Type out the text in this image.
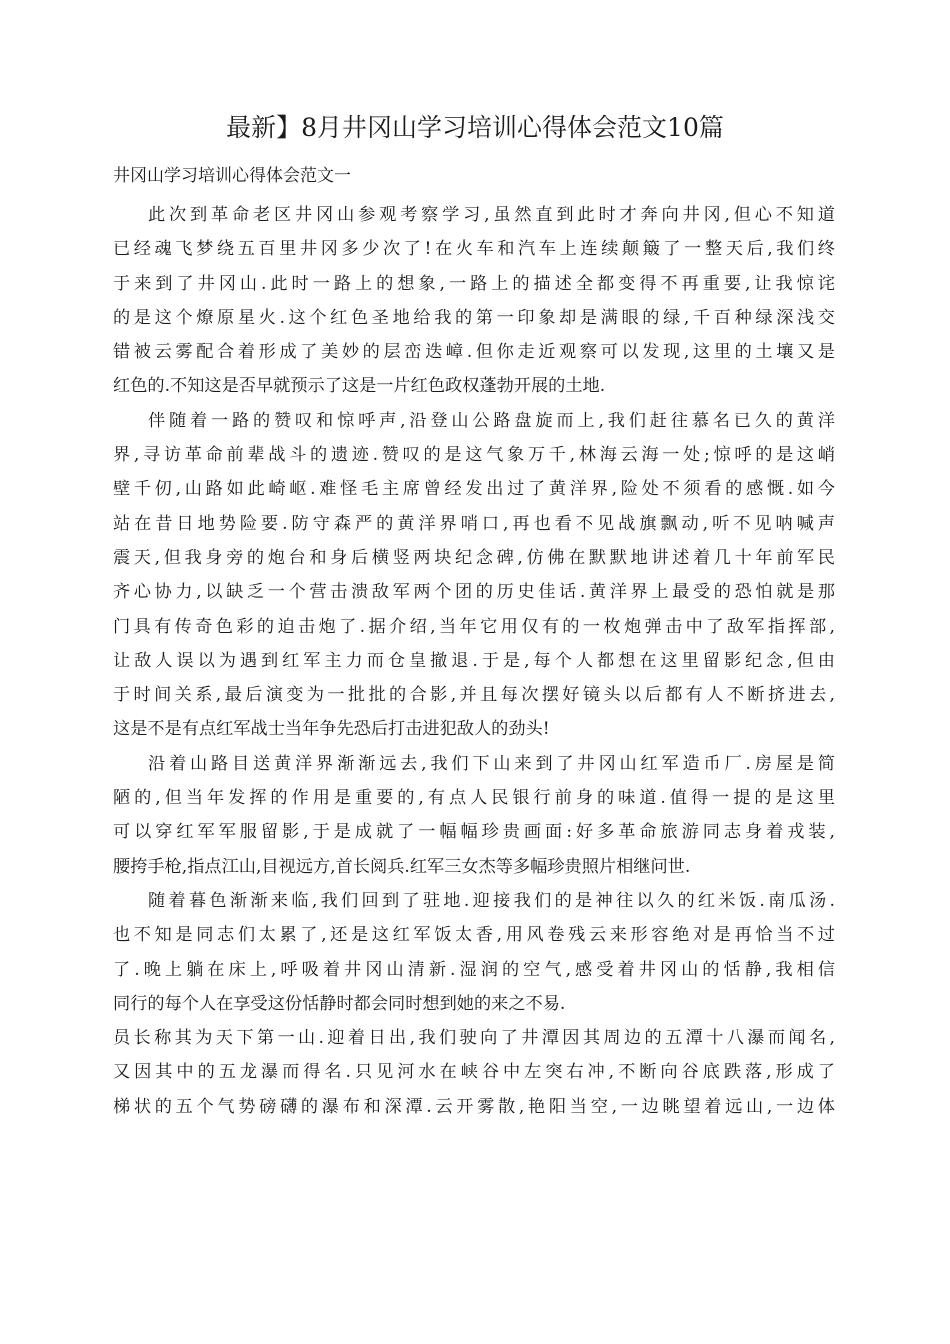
最新】8月井冈山学习培训心得体会范文10篇
井冈山学习培训心得体会范文一
此次到革命老区井冈山参观考察学习,虽然直到此时才奔向井冈,但心不知道
已经魂飞梦绕五百里井冈多少次了!在火车和汽车上连续颠簸了一整天后,我们终
于来到了井冈山.此时一路上的想象,一路上的描述全都变得不再重要,让我惊诧
的是这个燎原星火.这个红色圣地给我的第一印象却是满眼的绿,千百种绿深浅交
错被云雾配合着形成了美妙的层峦迭嶂.但你走近观察可以发现,这里的土壤又是
红色的.不知这是否早就预示了这是一片红色政权蓬勃开展的土地.
伴随着一路的赞叹和惊呼声,沿登山公路盘旋而上,我们赶往慕名已久的黄洋
界,寻访革命前辈战斗的遗迹.赞叹的是这气象万千,林海云海一处;惊呼的是这峭
壁千仞,山路如此崎岖.难怪毛主席曾经发出过了黄洋界,险处不须看的感慨.如今
站在昔日地势险要.防守森严的黄洋界哨口,再也看不见战旗飘动,听不见呐喊声
震天,但我身旁的炮台和身后横竖两块纪念碑,仿佛在默默地讲述着几十年前军民
齐心协力,以缺乏一个营击溃敌军两个团的历史佳话.黄洋界上最受的恐怕就是那
门具有传奇色彩的迫击炮了.据介绍,当年它用仅有的一枚炮弹击中了敌军指挥部,
让敌人误以为遇到红军主力而仓皇撤退.于是,每个人都想在这里留影纪念,但由
于时间关系,最后演变为一批批的合影,并且每次摆好镜头以后都有人不断挤进去,
这是不是有点红军战士当年争先恐后打击进犯敌人的劲头!
沿着山路目送黄洋界渐渐远去,我们下山来到了井冈山红军造币厂.房屋是简
陋的,但当年发挥的作用是重要的,有点人民银行前身的味道.值得一提的是这里
可以穿红军军服留影,于是成就了一幅幅珍贵画面:好多革命旅游同志身着戎装,
腰挎手枪,指点江山,目视远方,首长阅兵.红军三女杰等多幅珍贵照片相继问世.
随着暮色渐渐来临,我们回到了驻地.迎接我们的是神往以久的红米饭.南瓜汤.
也不知是同志们太累了,还是这红军饭太香,用风卷残云来形容绝对是再恰当不过
了.晚上躺在床上,呼吸着井冈山清新.湿润的空气,感受着井冈山的恬静,我相信
同行的每个人在享受这份恬静时都会同时想到她的来之不易.
员长称其为天下第一山.迎着日出,我们驶向了井潭因其周边的五潭十八瀑而闻名,
又因其中的五龙瀑而得名.只见河水在峡谷中左突右冲,不断向谷底跌落,形成了
梯状的五个气势磅礴的瀑布和深潭.云开雾散,艳阳当空,一边眺望着远山,一边体
